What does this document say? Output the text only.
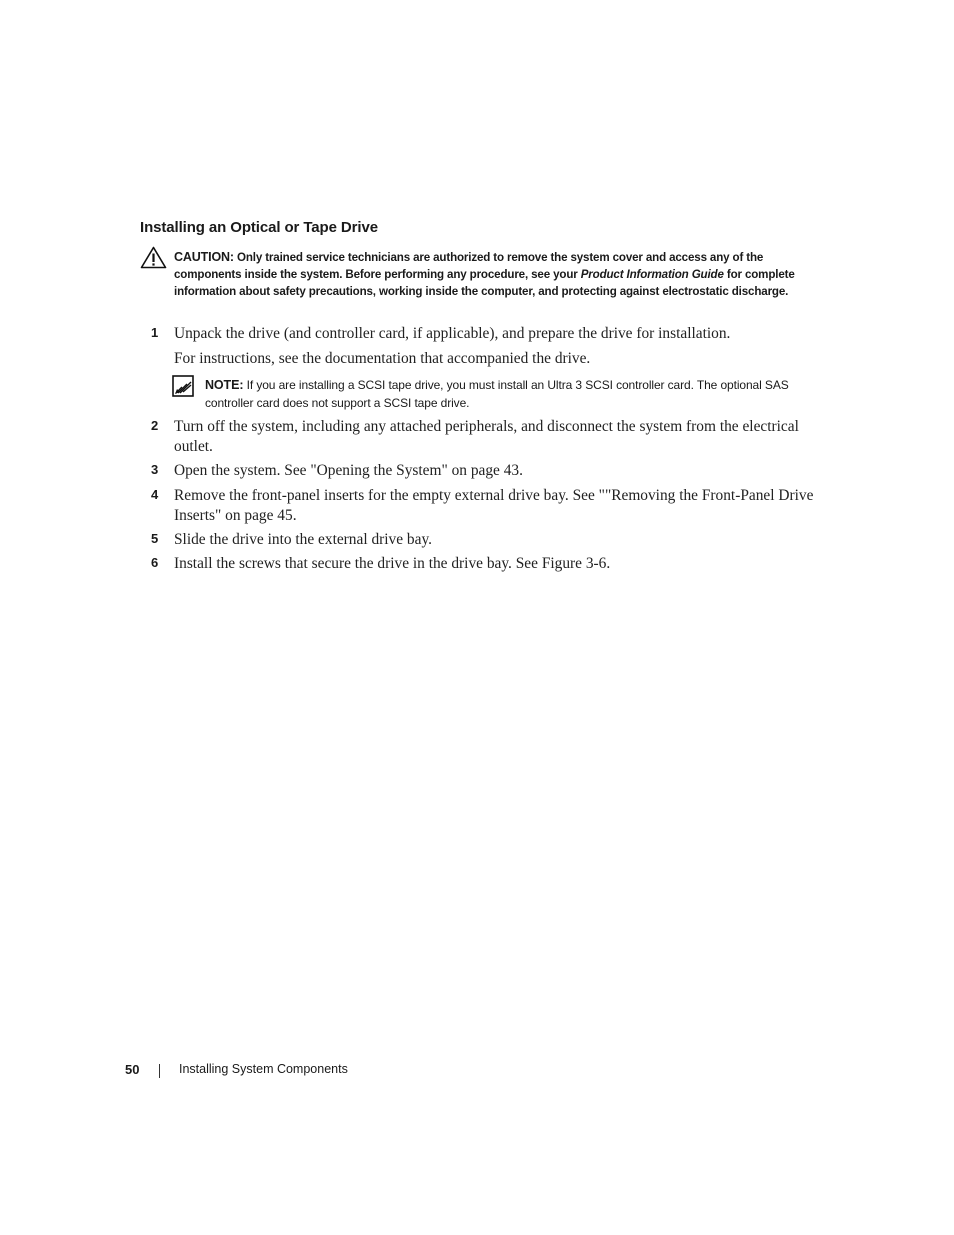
Installing an Optical or Tape Drive
CAUTION: Only trained service technicians are authorized to remove the system cover and access any of the components inside the system. Before performing any procedure, see your Product Information Guide for complete information about safety precautions, working inside the computer, and protecting against electrostatic discharge.
1 Unpack the drive (and controller card, if applicable), and prepare the drive for installation.
For instructions, see the documentation that accompanied the drive.
NOTE: If you are installing a SCSI tape drive, you must install an Ultra 3 SCSI controller card. The optional SAS controller card does not support a SCSI tape drive.
2 Turn off the system, including any attached peripherals, and disconnect the system from the electrical outlet.
3 Open the system. See "Opening the System" on page 43.
4 Remove the front-panel inserts for the empty external drive bay. See ""Removing the Front-Panel Drive Inserts" on page 45.
5 Slide the drive into the external drive bay.
6 Install the screws that secure the drive in the drive bay. See Figure 3-6.
50	Installing System Components
